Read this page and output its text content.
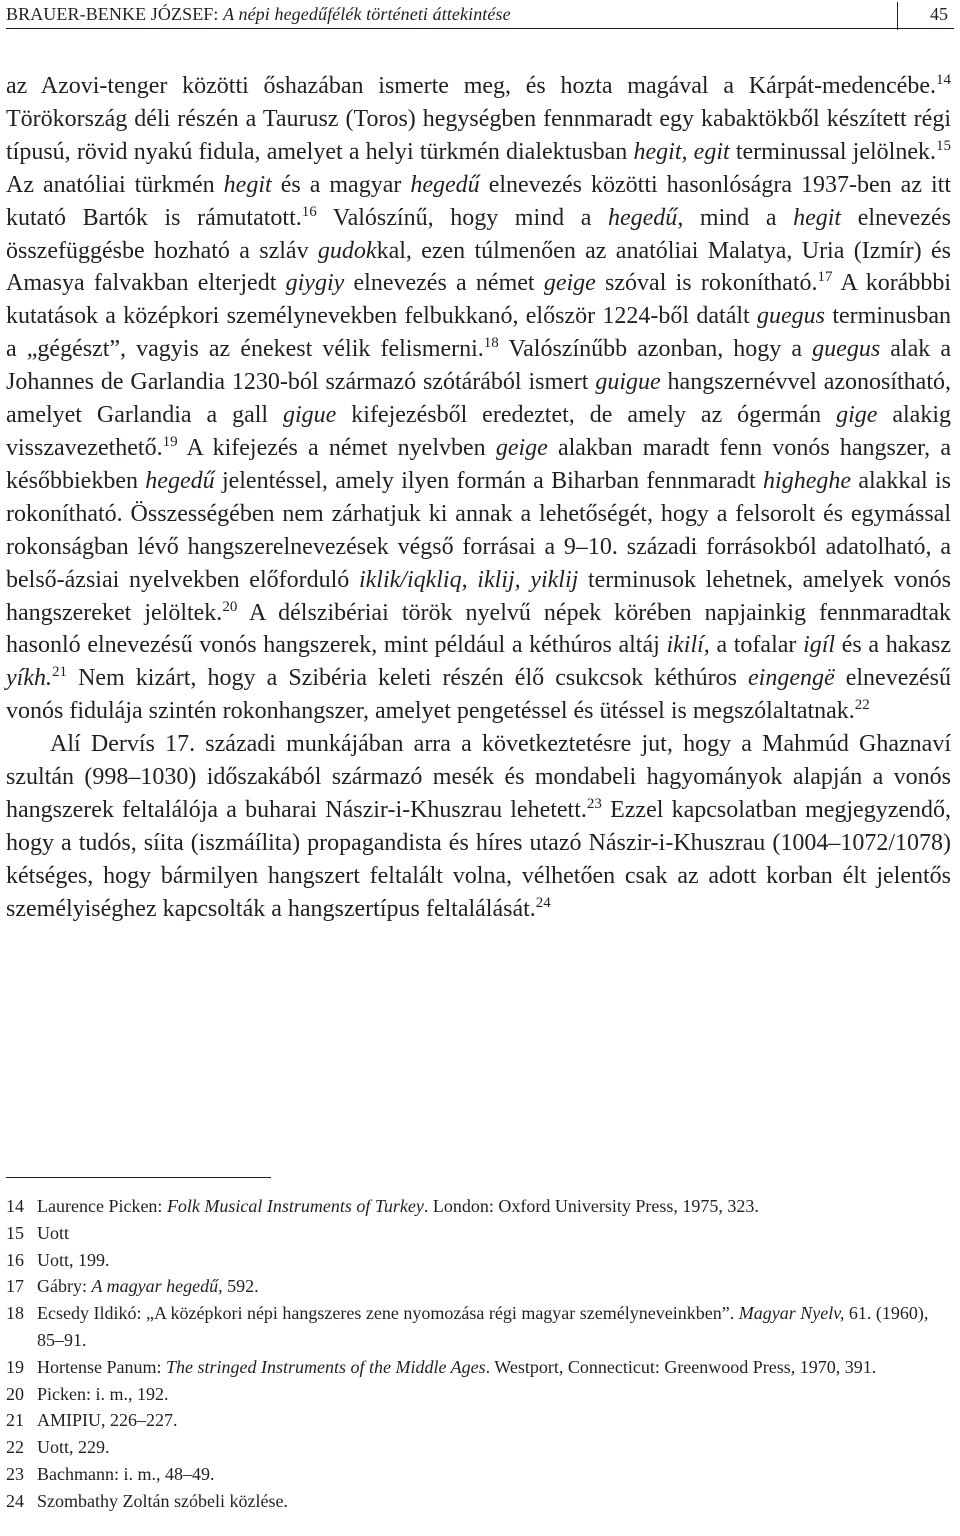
BRAUER-BENKE JÓZSEF: A népi hegedűfélék történeti áttekintése	45

az Azovi-tenger közötti őshazában ismerte meg, és hozta magával a Kárpát-medencébe.$^{14}$ Törökország déli részén a Taurusz (Toros) hegységben fennmaradt egy kabaktökből készített régi típusú, rövid nyakú fidula, amelyet a helyi türkmén dialektusban hegit, egit terminussal jelölnek.$^{15}$ Az anatóliai türkmén hegit és a magyar hegedű elnevezés közötti hasonlóságra 1937-ben az itt kutató Bartók is rámutatott.$^{16}$ Valószínű, hogy mind a hegedű, mind a hegit elnevezés összefüggésbe hozható a szláv gudokkal, ezen túlmenően az anatóliai Malatya, Uria (Izmír) és Amasya falvakban elterjedt giygiy elnevezés a német geige szóval is rokonítható.$^{17}$ A korábbbi kutatások a középkori személynevekben felbukkanó, először 1224-ből datált guegus terminusban a „gégészt”, vagyis az énekest vélik felismerni.$^{18}$ Valószínűbb azonban, hogy a guegus alak a Johannes de Garlandia 1230-ból származó szótárából ismert guigue hangszernévvel azonosítható, amelyet Garlandia a gall gigue kifejezésből eredeztet, de amely az ógermán gige alakig visszavezethető.$^{19}$ A kifejezés a német nyelvben geige alakban maradt fenn vonós hangszer, a későbbiekben hegedű jelentéssel, amely ilyen formán a Biharban fennmaradt higheghe alakkal is rokonítható. Összességében nem zárhatjuk ki annak a lehetőségét, hogy a felsorolt és egymással rokonságban lévő hangszerelnevezések végső forrásai a 9–10. századi forrásokból adatolható, a belső-ázsiai nyelvekben előforduló iklik/iqkliq, iklij, yiklij terminusok lehetnek, amelyek vonós hangszereket jelöltek.$^{20}$ A délszibériai török nyelvű népek körében napjainkig fennmaradtak hasonló elnevezésű vonós hangszerek, mint például a kéthúros altáj ikilí, a tofalar igíl és a hakasz yíkh.$^{21}$ Nem kizárt, hogy a Szibéria keleti részén élő csukcsok kéthúros eingengë elnevezésű vonós fidulája szintén rokonhangszer, amelyet pengetéssel és ütéssel is megszólaltatnak.$^{22}$

Alí Dervís 17. századi munkájában arra a következtetésre jut, hogy a Mahmúd Ghaznaví szultán (998–1030) időszakából származó mesék és mondabeli hagyományok alapján a vonós hangszerek feltalálója a buharai Nászir-i-Khuszrau lehetett.$^{23}$ Ezzel kapcsolatban megjegyzendő, hogy a tudós, síita (iszmáílita) propagandista és híres utazó Nászir-i-Khuszrau (1004–1072/1078) kétséges, hogy bármilyen hangszert feltalált volna, vélhetően csak az adott korban élt jelentős személyiséghez kapcsolták a hangszertípus feltalálását.$^{24}$

14 Laurence Picken: Folk Musical Instruments of Turkey. London: Oxford University Press, 1975, 323.
15 Uott
16 Uott, 199.
17 Gábry: A magyar hegedű, 592.
18 Ecsedy Ildikó: „A középkori népi hangszeres zene nyomozása régi magyar személyneveinkben”. Magyar Nyelv, 61. (1960), 85–91.
19 Hortense Panum: The stringed Instruments of the Middle Ages. Westport, Connecticut: Greenwood Press, 1970, 391.
20 Picken: i. m., 192.
21 AMIPIU, 226–227.
22 Uott, 229.
23 Bachmann: i. m., 48–49.
24 Szombathy Zoltán szóbeli közlése.
